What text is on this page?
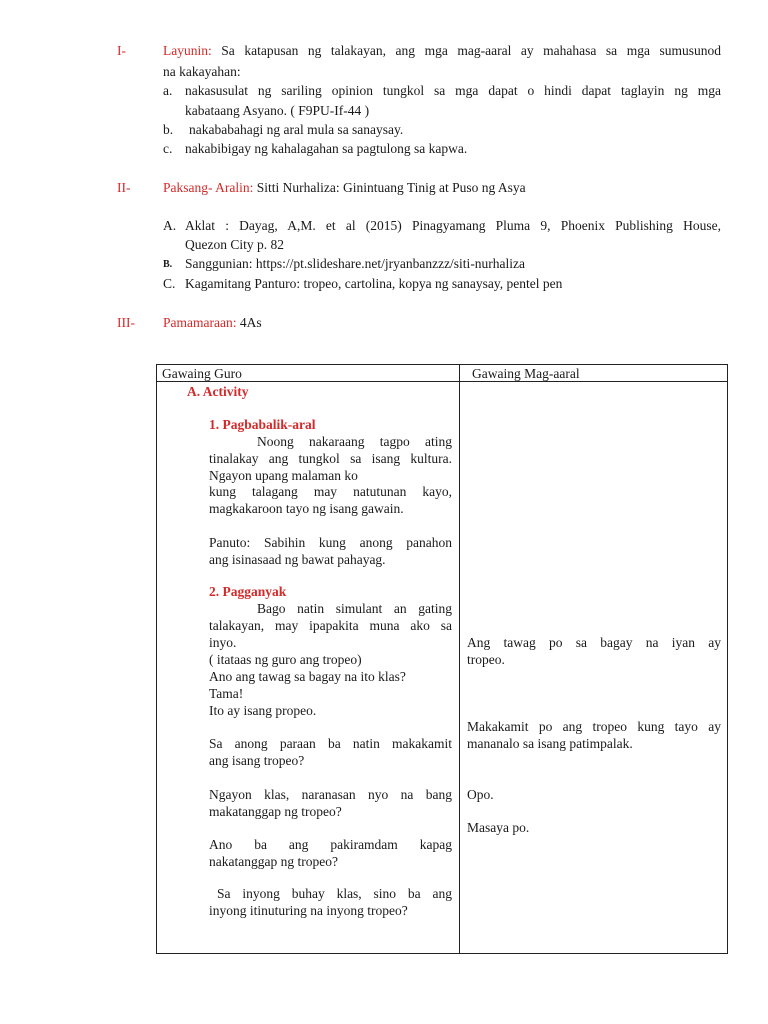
I-	Layunin: Sa katapusan ng talakayan, ang mga mag-aaral ay mahahasa sa mga sumusunod
na kakayahan:
a. nakasusulat ng sariling opinion tungkol sa mga dapat o hindi dapat taglayin ng mga
kabataang Asyano. ( F9PU-If-44 )
b. nakababahagi ng aral mula sa sanaysay.
c. nakabibigay ng kahalagahan sa pagtulong sa kapwa.
II- Paksang- Aralin: Sitti Nurhaliza: Ginintuang Tinig at Puso ng Asya
A. Aklat : Dayag, A,M. et al (2015) Pinagyamang Pluma 9, Phoenix Publishing House,
Quezon City p. 82
B. Sanggunian: https://pt.slideshare.net/jryanbanzzz/siti-nurhaliza
C. Kagamitang Panturo: tropeo, cartolina, kopya ng sanaysay, pentel pen
III- Pamamaraan: 4As
Gawaing Guro	Gawaing Mag-aaral
A. Activity
1. Pagbabalik-aral
Noong nakaraang tagpo ating
tinalakay ang tungkol sa isang kultura.
Ngayon upang malaman ko
kung talagang may natutunan kayo,
magkakaroon tayo ng isang gawain.
Panuto: Sabihin kung anong panahon
ang isinasaad ng bawat pahayag.
2. Pagganyak
Bago natin simulant an gating
talakayan, may ipapakita muna ako sa
inyo.
( itataas ng guro ang tropeo)
Ano ang tawag sa bagay na ito klas?
Tama!
Ito ay isang propeo.
Sa anong paraan ba natin makakamit
ang isang tropeo?
Ngayon klas, naranasan nyo na bang
makatanggap ng tropeo?
Ano ba ang pakiramdam kapag
nakatanggap ng tropeo?
Sa inyong buhay klas, sino ba ang
inyong itinuturing na inyong tropeo?
Ang tawag po sa bagay na iyan ay
tropeo.
Makakamit po ang tropeo kung tayo ay
mananalo sa isang patimpalak.
Opo.
Masaya po.
